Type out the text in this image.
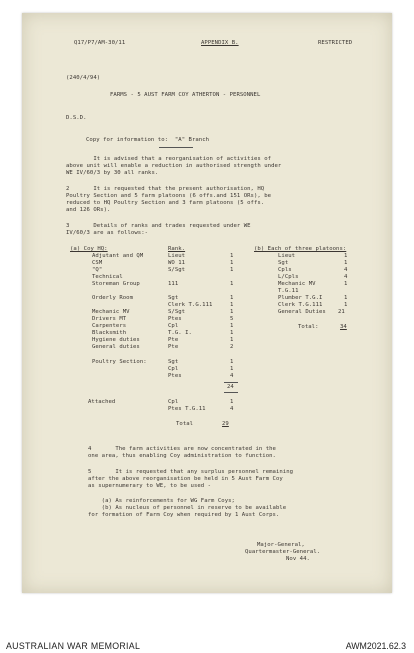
Q17/P7/AM-30/11	APPENDIX B.	RESTRICTED
(240/4/94)
FARMS - 5 AUST FARM COY ATHERTON - PERSONNEL
D.S.D.
Copy for information to:  "A" Branch
It is advised that a reorganisation of activities of
above unit will enable a reduction in authorised strength under
WE IV/60/3 by 30 all ranks.
2       It is requested that the present authorisation, HQ
Poultry Section and 5 farm platoons (6 offs.and 151 ORs), be
reduced to HQ Poultry Section and 3 farm platoons (5 offs.
and 126 ORs).
3       Details of ranks and trades requested under WE
IV/60/3 are as follows:-
(a) Coy HQ:	Rank.
Adjutant and QM	Lieut	1
CSM	WO 11	1
"Q"	S/Sgt	1
Technical
Storeman Group	111	1
Orderly Room	Sgt	1
Clerk T.G.111	1
Mechanic MV	S/Sgt	1
Drivers MT	Ptes	5
Carpenters	Cpl	1
Blacksmith	T.G. I.	1
Hygiene duties	Pte	1
General duties	Pte	2
Poultry Section:	Sgt	1
Cpl	1
Ptes	4
24
Attached	Cpl	1
Ptes T.G.11	4
Total	29
(b) Each of three platoons:
Lieut	1
Sgt	1
Cpls	4
L/Cpls	4
Mechanic MV	1
T.G.11
Plumber T.G.I	1
Clerk T.G.111	1
General Duties 21
Total:	34
4       The farm activities are now concentrated in the
one area, thus enabling Coy administration to function.
5       It is requested that any surplus personnel remaining
after the above reorganisation be held in 5 Aust Farm Coy
as supernumerary to WE, to be used -
(a) As reinforcements for WG Farm Coys;
(b) As nucleus of personnel in reserve to be available
for formation of Farm Coy when required by 1 Aust Corps.
Major-General,
Quartermaster-General.
Nov 44.
AUSTRALIAN WAR MEMORIAL	AWM2021.62.3
